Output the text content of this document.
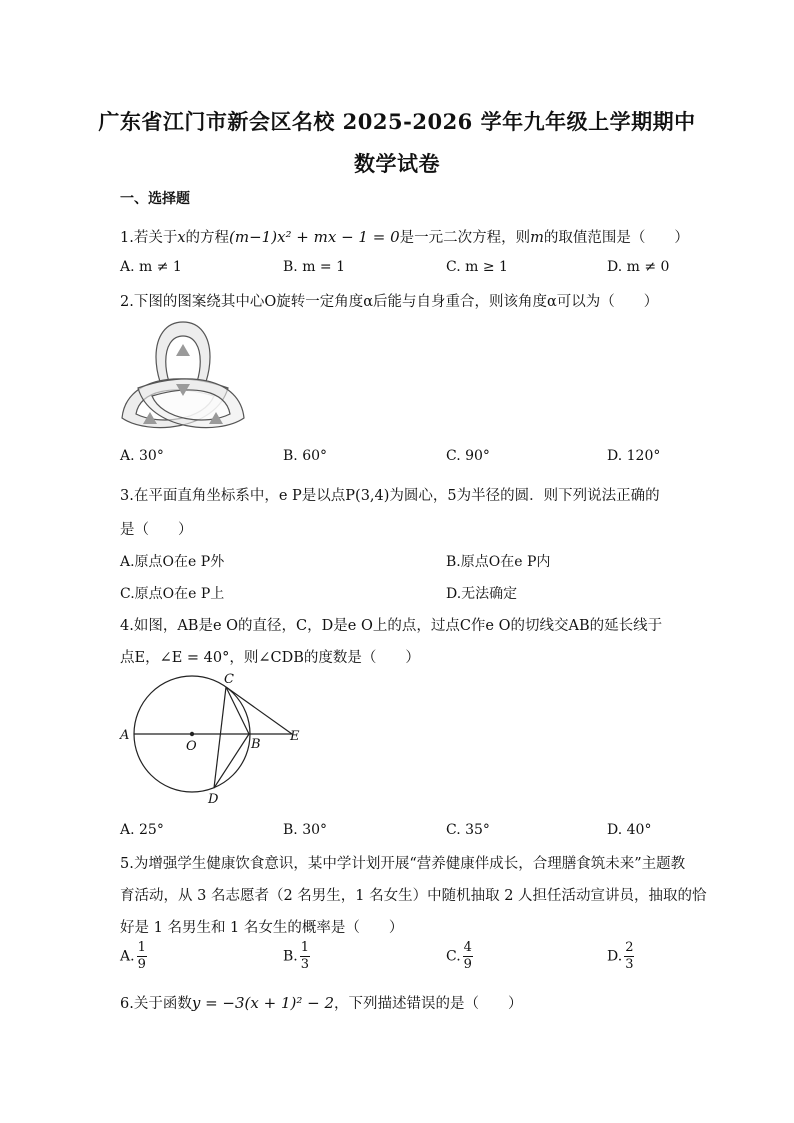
广东省江门市新会区名校 2025-2026 学年九年级上学期期中
数学试卷
一、选择题
1.若关于x的方程(m−1)x² + mx − 1 = 0是一元二次方程，则m的取值范围是（　　）
A. m ≠ 1	B. m = 1	C. m ≥ 1	D. m ≠ 0
2.下图的图案绕其中心O旋转一定角度α后能与自身重合，则该角度α可以为（　　）
A. 30°	B. 60°	C. 90°	D. 120°
3.在平面直角坐标系中，e P是以点P(3,4)为圆心，5为半径的圆．则下列说法正确的
是（　　）
A.原点O在e P外	B.原点O在e P内
C.原点O在e P上	D.无法确定
4.如图，AB是e O的直径，C，D是e O上的点，过点C作e O的切线交AB的延长线于
点E，∠E = 40°，则∠CDB的度数是（　　）
A
O	B
E
C
D
A. 25°	B. 30°	C. 35°	D. 40°
5.为增强学生健康饮食意识，某中学计划开展“营养健康伴成长，合理膳食筑未来”主题教
育活动，从 3 名志愿者（2 名男生，1 名女生）中随机抽取 2 人担任活动宣讲员，抽取的恰
好是 1 名男生和 1 名女生的概率是（　　）
A. $\frac{1}{9}$	B. $\frac{1}{3}$	C. $\frac{4}{9}$	D. $\frac{2}{3}$
6.关于函数y = −3(x + 1)² − 2，下列描述错误的是（　　）
